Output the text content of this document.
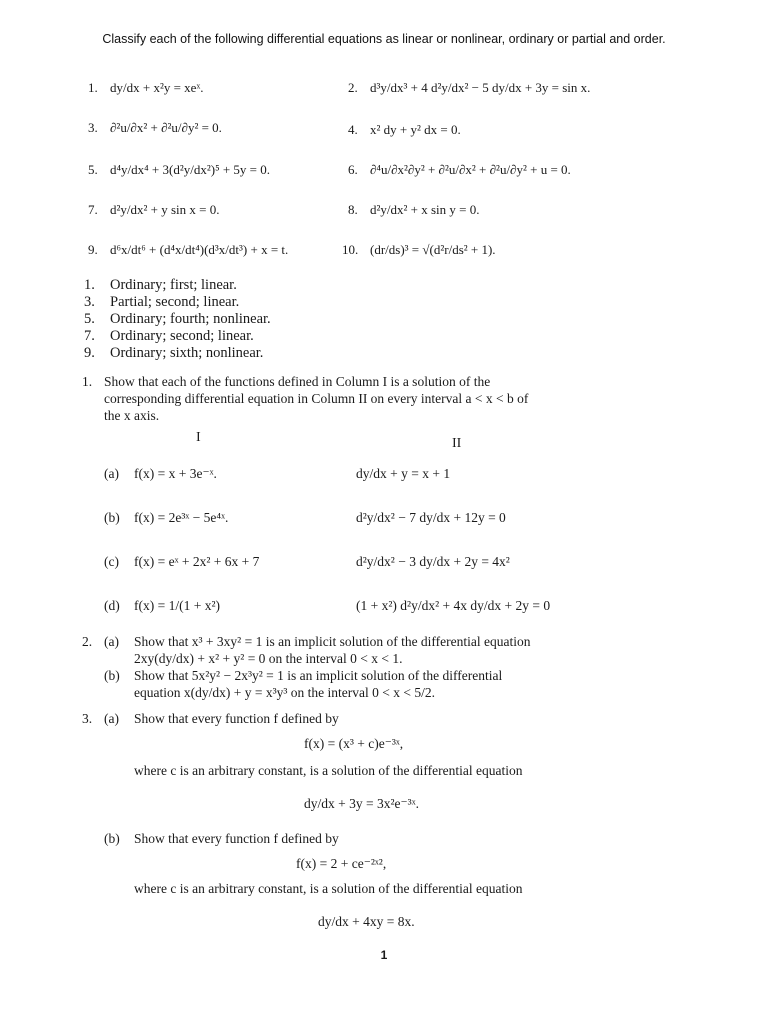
Classify each of the following differential equations as linear or nonlinear, ordinary or partial and order.
1. dy/dx + x²y = xeˣ.	2. d³y/dx³ + 4 d²y/dx² − 5 dy/dx + 3y = sin x.
3. ∂²u/∂x² + ∂²u/∂y² = 0.	4. x² dy + y² dx = 0.
5. d⁴y/dx⁴ + 3(d²y/dx²)⁵ + 5y = 0.	6. ∂⁴u/∂x²∂y² + ∂²u/∂x² + ∂²u/∂y² + u = 0.
7. d²y/dx² + y sin x = 0.	8. d²y/dx² + x sin y = 0.
9. d⁶x/dt⁶ + (d⁴x/dt⁴)(d³x/dt³) + x = t.	10. (dr/ds)³ = √(d²r/ds² + 1).
1. Ordinary; first; linear.
3. Partial; second; linear.
5. Ordinary; fourth; nonlinear.
7. Ordinary; second; linear.
9. Ordinary; sixth; nonlinear.
1. Show that each of the functions defined in Column I is a solution of the
corresponding differential equation in Column II on every interval a < x < b of
the x axis.
I	II
(a) f(x) = x + 3e⁻ˣ.	dy/dx + y = x + 1
(b) f(x) = 2e³ˣ − 5e⁴ˣ.	d²y/dx² − 7 dy/dx + 12y = 0
(c) f(x) = eˣ + 2x² + 6x + 7	d²y/dx² − 3 dy/dx + 2y = 4x²
(d) f(x) = 1/(1 + x²)	(1 + x²) d²y/dx² + 4x dy/dx + 2y = 0
2. (a) Show that x³ + 3xy² = 1 is an implicit solution of the differential equation
2xy(dy/dx) + x² + y² = 0 on the interval 0 < x < 1.
(b) Show that 5x²y² − 2x³y² = 1 is an implicit solution of the differential
equation x(dy/dx) + y = x³y³ on the interval 0 < x < 5/2.
3. (a) Show that every function f defined by
f(x) = (x³ + c)e⁻³ˣ,
where c is an arbitrary constant, is a solution of the differential equation
dy/dx + 3y = 3x²e⁻³ˣ.
(b) Show that every function f defined by
f(x) = 2 + ce⁻²ˣ²,
where c is an arbitrary constant, is a solution of the differential equation
dy/dx + 4xy = 8x.
1
